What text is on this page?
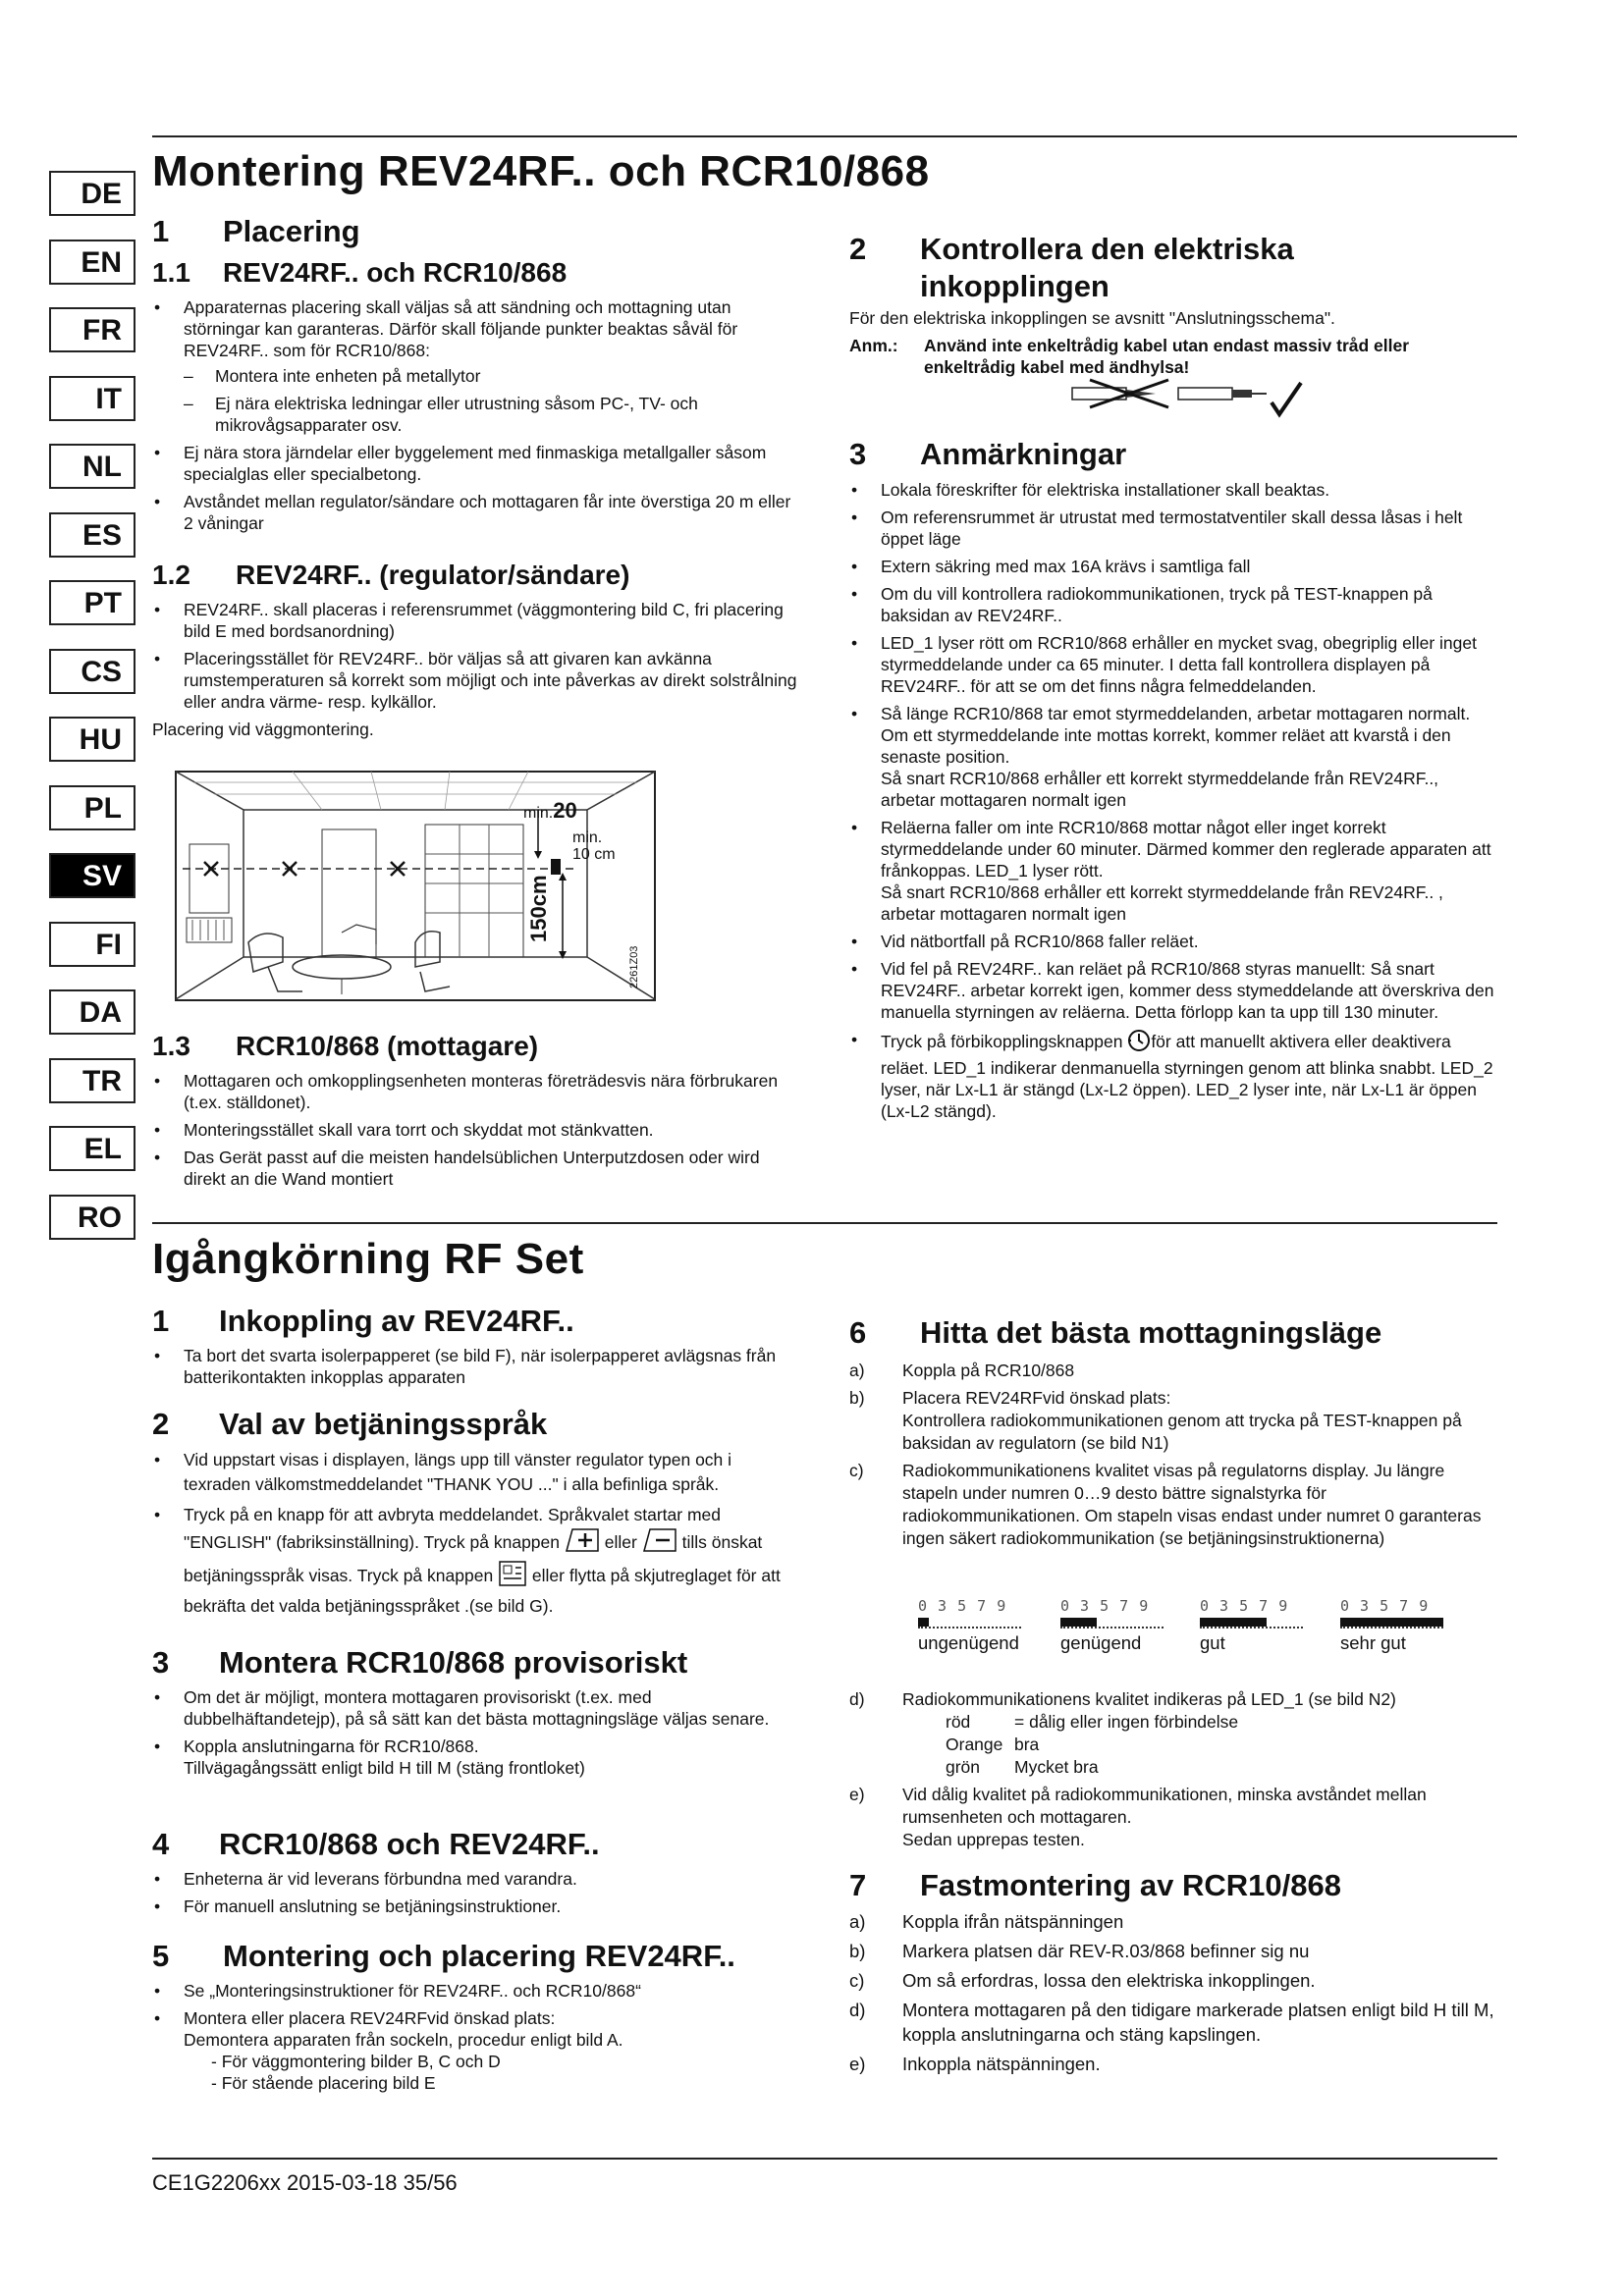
DE
EN
FR
IT
NL
ES
PT
CS
HU
PL
SV
FI
DA
TR
EL
RO
Montering REV24RF.. och RCR10/868
1 Placering
1.1 REV24RF.. och RCR10/868
• Apparaternas placering skall väljas så att sändning och mottagning utan störningar kan garanteras. Därför skall följande punkter beaktas såväl för REV24RF.. som för RCR10/868:
– Montera inte enheten på metallytor
– Ej nära elektriska ledningar eller utrustning såsom PC-, TV- och mikrovågsapparater osv.
• Ej nära stora järndelar eller byggelement med finmaskiga metallgaller såsom specialglas eller specialbetong.
• Avståndet mellan regulator/sändare och mottagaren får inte överstiga 20 m eller 2 våningar
1.2 REV24RF.. (regulator/sändare)
• REV24RF.. skall placeras i referensrummet (väggmontering bild C, fri placering bild E med bordsanordning)
• Placeringsstället för REV24RF.. bör väljas så att givaren kan avkänna rumstemperaturen så korrekt som möjligt och inte påverkas av direkt solstrålning eller andra värme- resp. kylkällor.
Placering vid väggmontering.
min.20
min.
10 cm
150cm
2261Z03
1.3 RCR10/868 (mottagare)
• Mottagaren och omkopplingsenheten monteras företrädesvis nära förbrukaren (t.ex. ställdonet).
• Monteringsstället skall vara torrt och skyddat mot stänkvatten.
• Das Gerät passt auf die meisten handelsüblichen Unterputzdosen oder wird direkt an die Wand montiert
2 Kontrollera den elektriska
inkopplingen
För den elektriska inkopplingen se avsnitt "Anslutningsschema".
Anm.: Använd inte enkeltrådig kabel utan endast massiv tråd eller enkeltrådig kabel med ändhylsa!
3 Anmärkningar
• Lokala föreskrifter för elektriska installationer skall beaktas.
• Om referensrummet är utrustat med termostatventiler skall dessa låsas i helt öppet läge
• Extern säkring med max 16A krävs i samtliga fall
• Om du vill kontrollera radiokommunikationen, tryck på TEST-knappen på baksidan av REV24RF..
• LED_1 lyser rött om RCR10/868 erhåller en mycket svag, obegriplig eller inget styrmeddelande under ca 65 minuter. I detta fall kontrollera displayen på REV24RF.. för att se om det finns några felmeddelanden.
• Så länge RCR10/868 tar emot styrmeddelanden, arbetar mottagaren normalt. Om ett styrmeddelande inte mottas korrekt, kommer reläet att kvarstå i den senaste position.
Så snart RCR10/868 erhåller ett korrekt styrmeddelande från REV24RF.., arbetar mottagaren normalt igen
• Reläerna faller om inte RCR10/868 mottar något eller inget korrekt styrmeddelande under 60 minuter. Därmed kommer den reglerade apparaten att frånkoppas. LED_1 lyser rött.
Så snart RCR10/868 erhåller ett korrekt styrmeddelande från REV24RF.. , arbetar mottagaren normalt igen
• Vid nätbortfall på RCR10/868 faller reläet.
• Vid fel på REV24RF.. kan reläet på RCR10/868 styras manuellt: Så snart REV24RF.. arbetar korrekt igen, kommer dess stymeddelande att överskriva den manuella styrningen av reläerna. Detta förlopp kan ta upp till 130 minuter.
• Tryck på förbikopplingsknappen för att manuellt aktivera eller deaktivera reläet. LED_1 indikerar denmanuella styrningen genom att blinka snabbt. LED_2 lyser, när Lx-L1 är stängd (Lx-L2 öppen). LED_2 lyser inte, när Lx-L1 är öppen (Lx-L2 stängd).
Igångkörning RF Set
1 Inkoppling av REV24RF..
• Ta bort det svarta isolerpapperet (se bild F), när isolerpapperet avlägsnas från batterikontakten inkopplas apparaten
2 Val av betjäningsspråk
• Vid uppstart visas i displayen, längs upp till vänster regulator typen och i texraden välkomstmeddelandet "THANK YOU ..." i alla befinliga språk.
• Tryck på en knapp för att avbryta meddelandet. Språkvalet startar med "ENGLISH" (fabriksinställning). Tryck på knappen	eller	tills önskat betjäningsspråk visas. Tryck på knappen eller flytta på skjutreglaget för att bekräfta det valda betjäningsspråket .(se bild G).
3 Montera RCR10/868 provisoriskt
• Om det är möjligt, montera mottagaren provisoriskt (t.ex. med dubbelhäftandetejp), på så sätt kan det bästa mottagningsläge väljas senare.
• Koppla anslutningarna för RCR10/868.
Tillvägagångssätt enligt bild H till M (stäng frontloket)
4 RCR10/868 och REV24RF..
• Enheterna är vid leverans förbundna med varandra.
• För manuell anslutning se betjäningsinstruktioner.
5 Montering och placering REV24RF..
• Se „Monteringsinstruktioner för REV24RF.. och RCR10/868“
• Montera eller placera REV24RFvid önskad plats:
Demontera apparaten från sockeln, procedur enligt bild A.
- För väggmontering bilder B, C och D
- För stående placering bild E
6 Hitta det bästa mottagningsläge
a) Koppla på RCR10/868
b) Placera REV24RFvid önskad plats:
Kontrollera radiokommunikationen genom att trycka på TEST-knappen på baksidan av regulatorn (se bild N1)
c) Radiokommunikationens kvalitet visas på regulatorns display. Ju längre stapeln under numren 0…9 desto bättre signalstyrka för radiokommunikationen. Om stapeln visas endast under numret 0 garanteras ingen säkert radiokommunikation (se betjäningsinstruktionerna)
0 3 5 7 9
ungenügend
0 3 5 7 9
genügend
0 3 5 7 9
gut
0 3 5 7 9
sehr gut
d) Radiokommunikationens kvalitet indikeras på LED_1 (se bild N2)
röd	= dålig eller ingen förbindelse
Orange bra
grön Mycket bra
e) Vid dålig kvalitet på radiokommunikationen, minska avståndet mellan rumsenheten och mottagaren.
Sedan upprepas testen.
7 Fastmontering av RCR10/868
a) Koppla ifrån nätspänningen
b) Markera platsen där REV-R.03/868 befinner sig nu
c) Om så erfordras, lossa den elektriska inkopplingen.
d) Montera mottagaren på den tidigare markerade platsen enligt bild H till M, koppla anslutningarna och stäng kapslingen.
e) Inkoppla nätspänningen.
CE1G2206xx 2015-03-18 35/56
